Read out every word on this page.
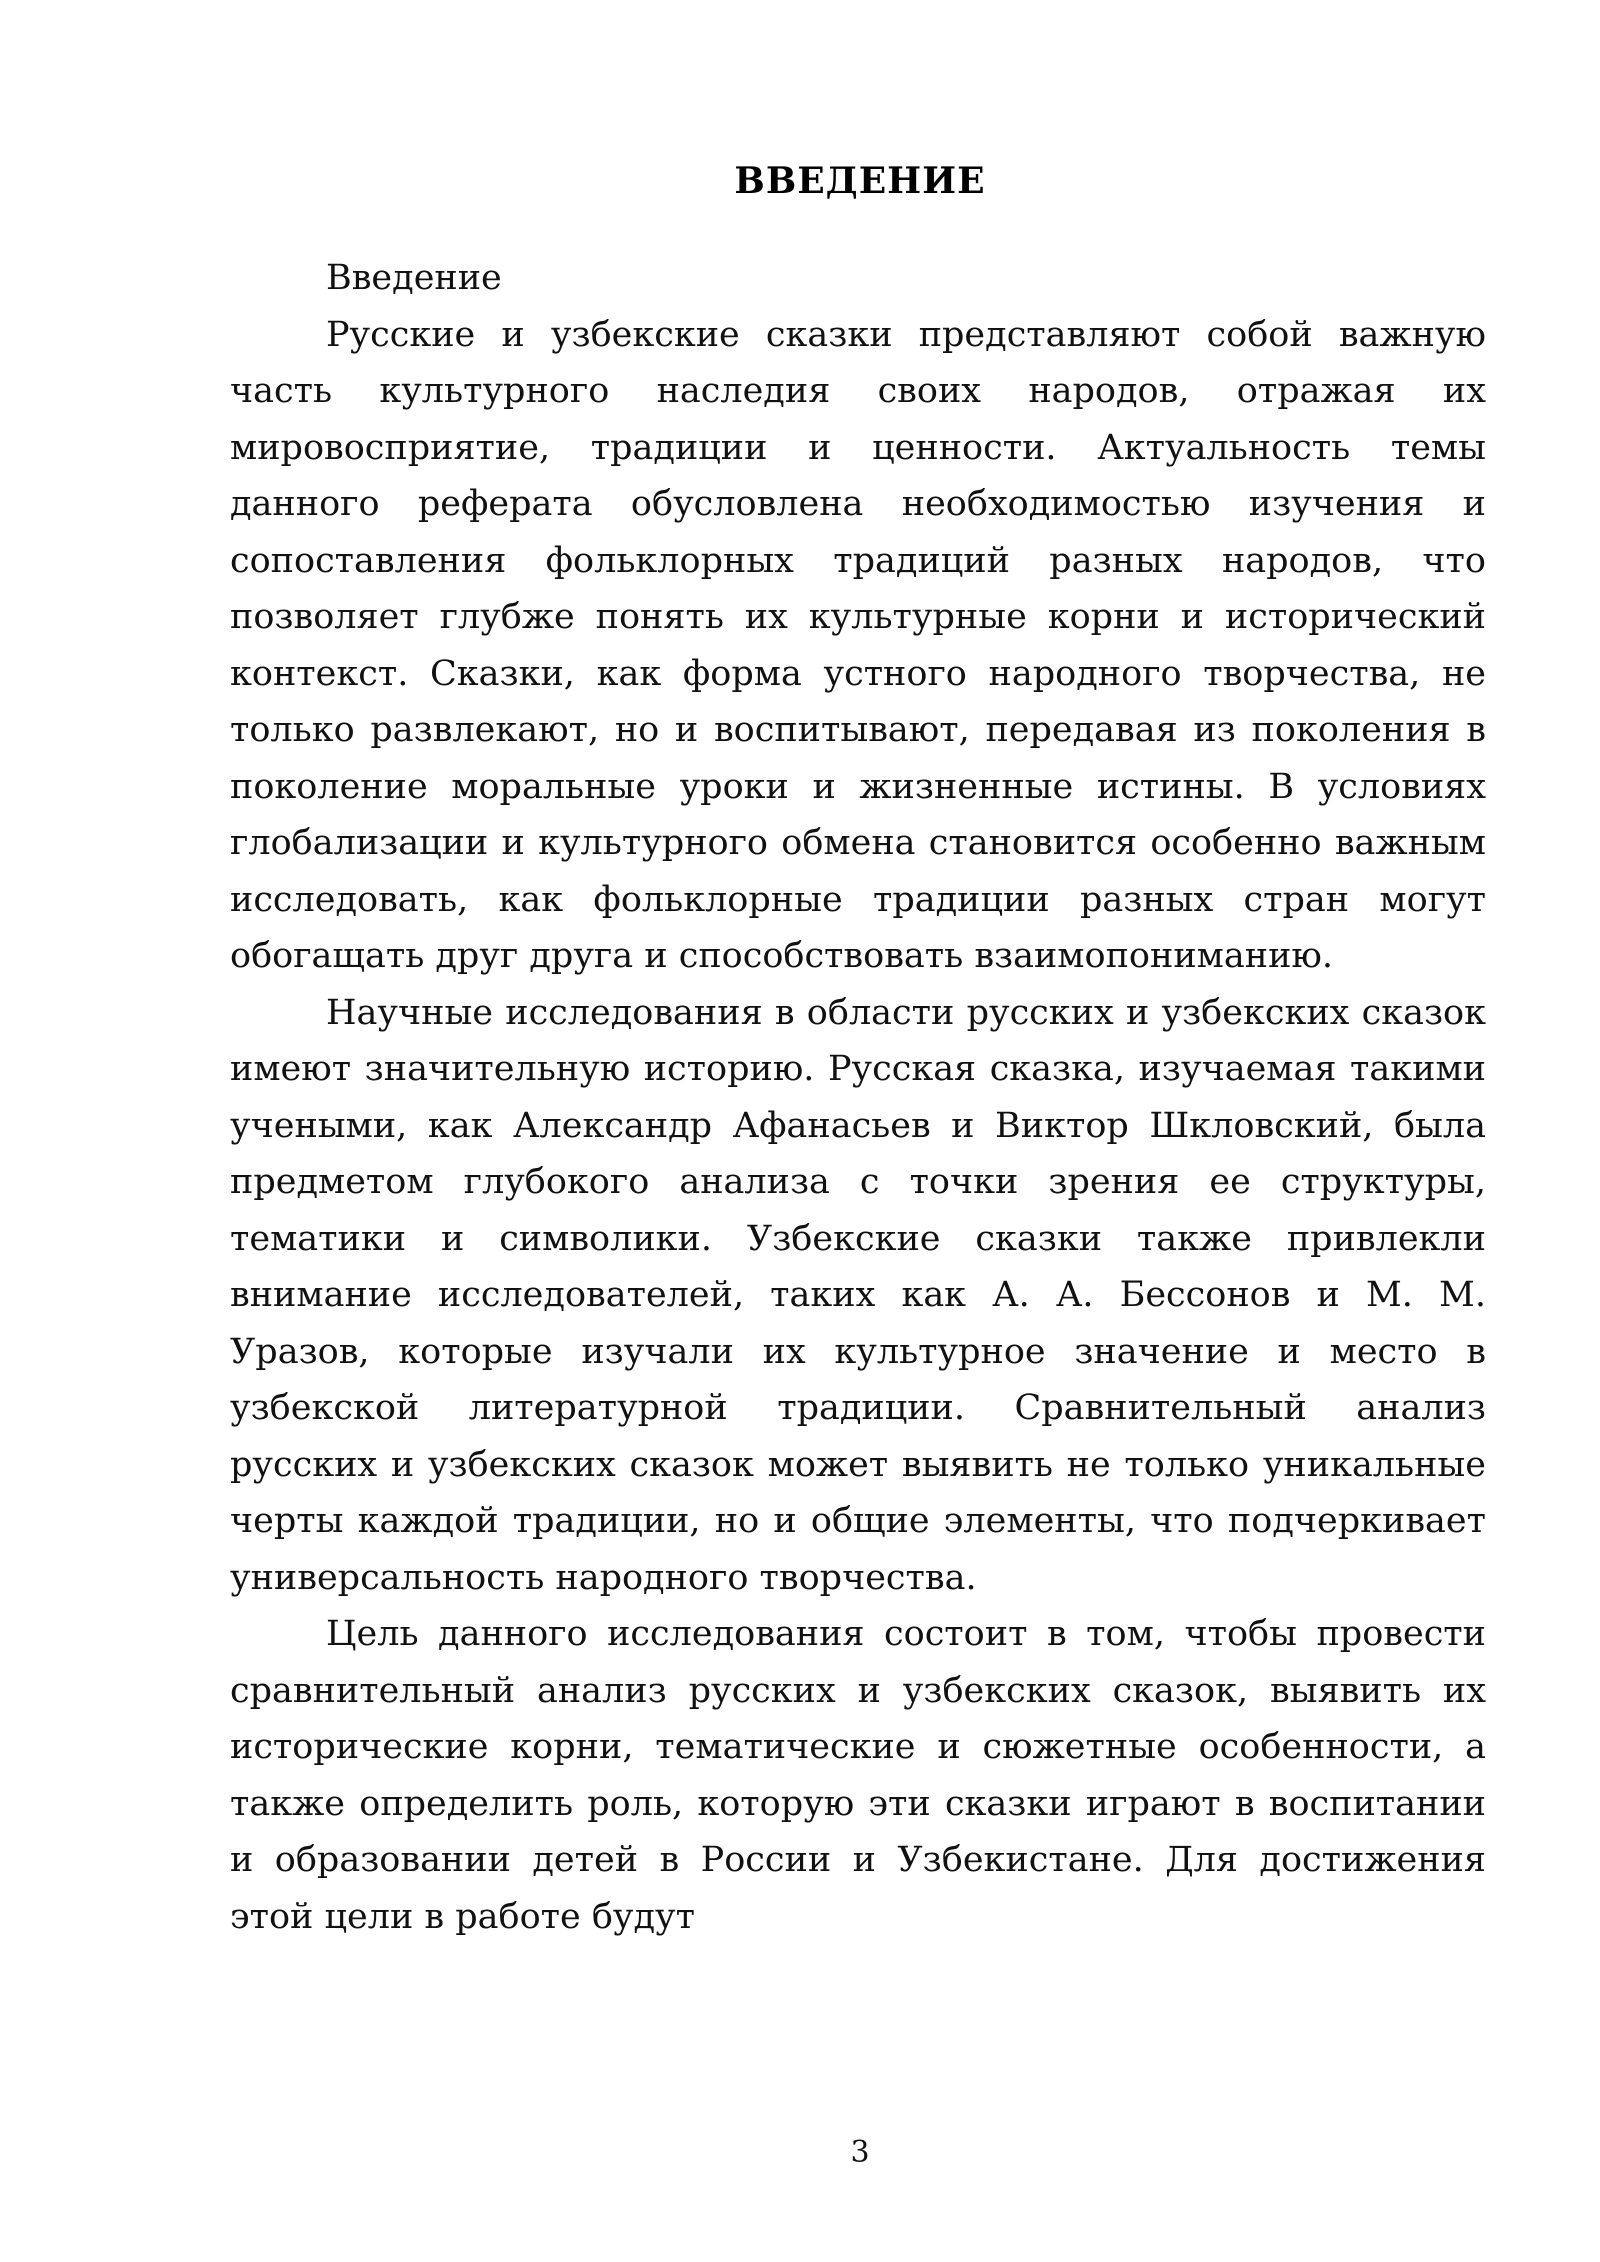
ВВЕДЕНИЕ

Введение

Русские и узбекские сказки представляют собой важную часть культурного наследия своих народов, отражая их мировосприятие, традиции и ценности. Актуальность темы данного реферата обусловлена необходимостью изучения и сопоставления фольклорных традиций разных народов, что позволяет глубже понять их культурные корни и исторический контекст. Сказки, как форма устного народного творчества, не только развлекают, но и воспитывают, передавая из поколения в поколение моральные уроки и жизненные истины. В условиях глобализации и культурного обмена становится особенно важным исследовать, как фольклорные традиции разных стран могут обогащать друг друга и способствовать взаимопониманию.

Научные исследования в области русских и узбекских сказок имеют значительную историю. Русская сказка, изучаемая такими учеными, как Александр Афанасьев и Виктор Шкловский, была предметом глубокого анализа с точки зрения ее структуры, тематики и символики. Узбекские сказки также привлекли внимание исследователей, таких как А. А. Бессонов и М. М. Уразов, которые изучали их культурное значение и место в узбекской литературной традиции. Сравнительный анализ русских и узбекских сказок может выявить не только уникальные черты каждой традиции, но и общие элементы, что подчеркивает универсальность народного творчества.

Цель данного исследования состоит в том, чтобы провести сравнительный анализ русских и узбекских сказок, выявить их исторические корни, тематические и сюжетные особенности, а также определить роль, которую эти сказки играют в воспитании и образовании детей в России и Узбекистане. Для достижения этой цели в работе будут

3
